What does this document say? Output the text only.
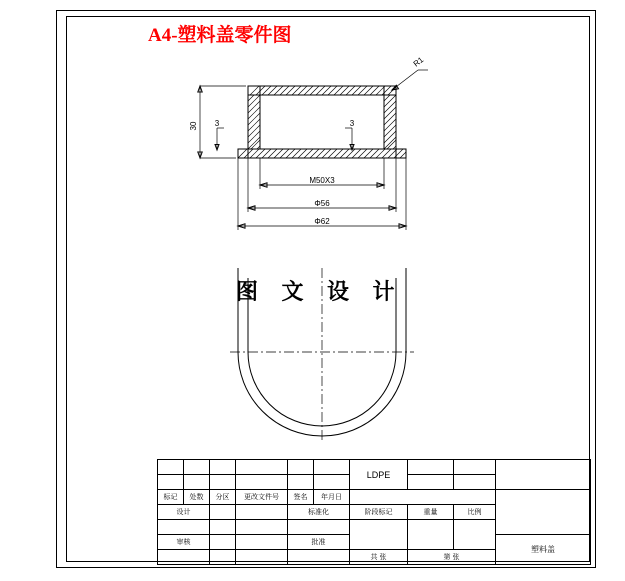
A4-塑料盖零件图
30 3	3
R1
M50X3
Φ56
Φ62
图 文 设 计
						LDPE			

标记	处数	分区	更改文件号	签名	年月日				
设计				标准化		阶段标记	重量	比例	

审核				批准					塑料盖
						共 张	第 张		
